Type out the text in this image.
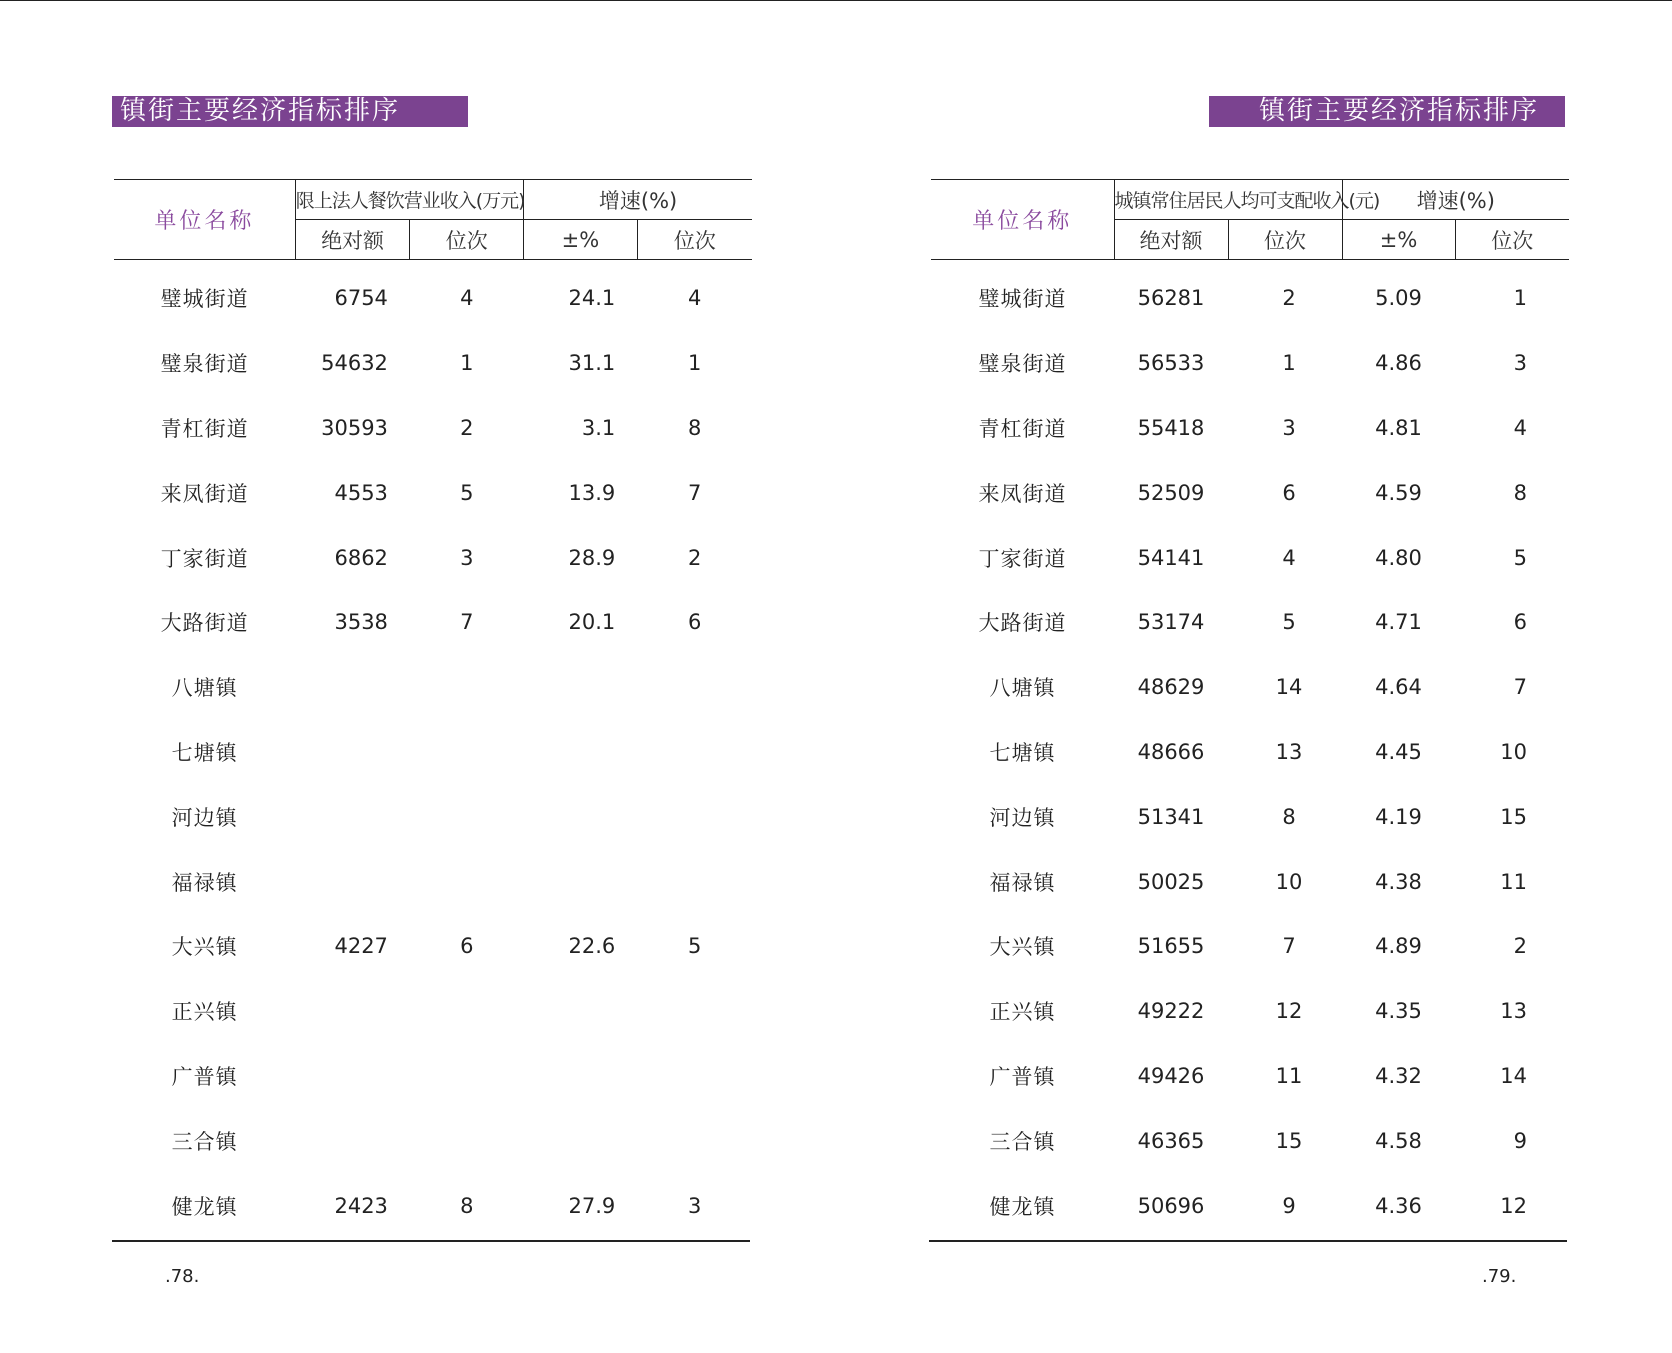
镇街主要经济指标排序
单位名称	限上法人餐饮营业收入(万元)		增速(%)	
	绝对额	位次	±%	位次
璧城街道	6754	4	24.1	4
璧泉街道	54632	1	31.1	1
青杠街道	30593	2	3.1	8
来凤街道	4553	5	13.9	7
丁家街道	6862	3	28.9	2
大路街道	3538	7	20.1	6
八塘镇				
七塘镇				
河边镇				
福禄镇				
大兴镇	4227	6	22.6	5
正兴镇				
广普镇				
三合镇				
健龙镇	2423	8	27.9	3
.78.
镇街主要经济指标排序
单位名称	城镇常住居民人均可支配收入(元)		增速(%)	
	绝对额	位次	±%	位次
璧城街道	56281	2	5.09	1
璧泉街道	56533	1	4.86	3
青杠街道	55418	3	4.81	4
来凤街道	52509	6	4.59	8
丁家街道	54141	4	4.80	5
大路街道	53174	5	4.71	6
八塘镇	48629	14	4.64	7
七塘镇	48666	13	4.45	10
河边镇	51341	8	4.19	15
福禄镇	50025	10	4.38	11
大兴镇	51655	7	4.89	2
正兴镇	49222	12	4.35	13
广普镇	49426	11	4.32	14
三合镇	46365	15	4.58	9
健龙镇	50696	9	4.36	12
.79.
